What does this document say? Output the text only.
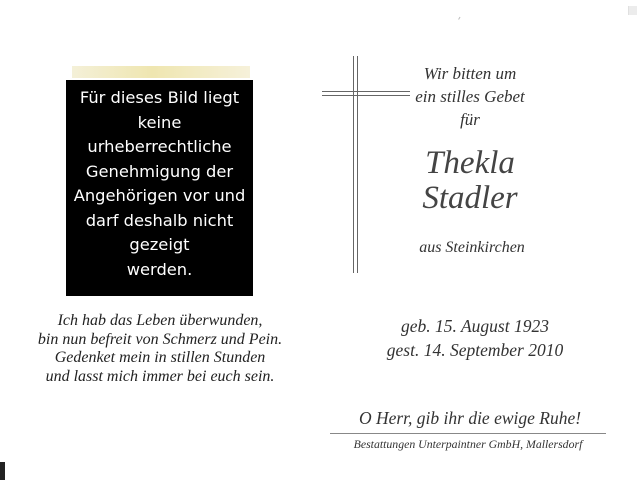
Für dieses Bild liegt
keine
urheberrechtliche
Genehmigung der
Angehörigen vor und
darf deshalb nicht
gezeigt
werden.
Ich hab das Leben überwunden,
bin nun befreit von Schmerz und Pein.
Gedenket mein in stillen Stunden
und lasst mich immer bei euch sein.
Wir bitten um
ein stilles Gebet
für
Thekla
Stadler
aus Steinkirchen
geb. 15. August 1923
gest. 14. September 2010
O Herr, gib ihr die ewige Ruhe!
Bestattungen Unterpaintner GmbH, Mallersdorf
